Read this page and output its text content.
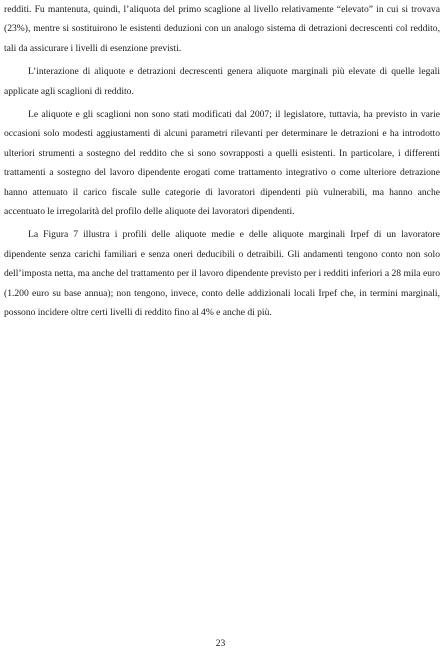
redditi. Fu mantenuta, quindi, l’aliquota del primo scaglione al livello relativamente “elevato” in cui si trovava (23%), mentre si sostituirono le esistenti deduzioni con un analogo sistema di detrazioni decrescenti col reddito, tali da assicurare i livelli di esenzione previsti.

L’interazione di aliquote e detrazioni decrescenti genera aliquote marginali più elevate di quelle legali applicate agli scaglioni di reddito.

Le aliquote e gli scaglioni non sono stati modificati dal 2007; il legislatore, tuttavia, ha previsto in varie occasioni solo modesti aggiustamenti di alcuni parametri rilevanti per determinare le detrazioni e ha introdotto ulteriori strumenti a sostegno del reddito che si sono sovrapposti a quelli esistenti. In particolare, i differenti trattamenti a sostegno del lavoro dipendente erogati come trattamento integrativo o come ulteriore detrazione hanno attenuato il carico fiscale sulle categorie di lavoratori dipendenti più vulnerabili, ma hanno anche accentuato le irregolarità del profilo delle aliquote dei lavoratori dipendenti.

La Figura 7 illustra i profili delle aliquote medie e delle aliquote marginali Irpef di un lavoratore dipendente senza carichi familiari e senza oneri deducibili o detraibili. Gli andamenti tengono conto non solo dell’imposta netta, ma anche del trattamento per il lavoro dipendente previsto per i redditi inferiori a 28 mila euro (1.200 euro su base annua); non tengono, invece, conto delle addizionali locali Irpef che, in termini marginali, possono incidere oltre certi livelli di reddito fino al 4% e anche di più.

23
